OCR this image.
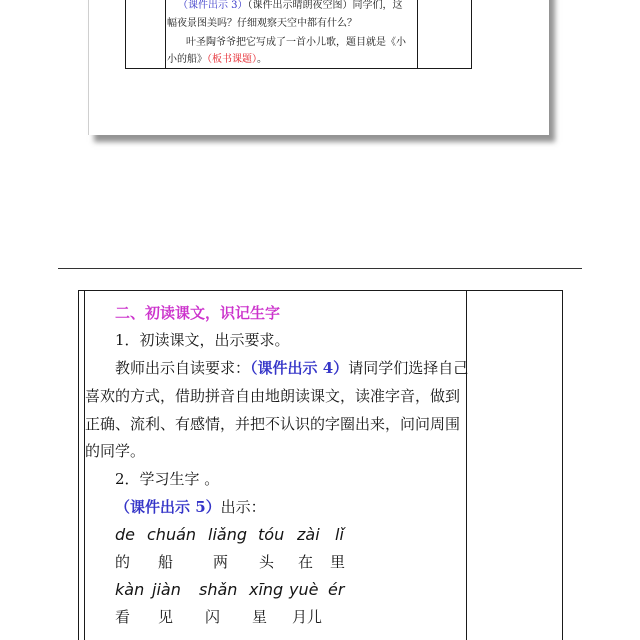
（课件出示 3）（课件出示晴朗夜空图）同学们，这
幅夜景图美吗？仔细观察天空中都有什么？
叶圣陶爷爷把它写成了一首小儿歌，题目就是《小
小的船》（板书课题）。
二、初读课文，识记生字
1．初读课文，出示要求。
教师出示自读要求：（课件出示 4）请同学们选择自己
喜欢的方式，借助拼音自由地朗读课文，读准字音，做到
正确、流利、有感情，并把不认识的字圈出来，问问周围
的同学。
2．学习生字 。
（课件出示 5）出示：
de chuán liǎng tóu zài lǐ
的 船	两 头 在 里
kàn jiàn shǎn xīng yuè ér
看 见 闪 星 月儿
